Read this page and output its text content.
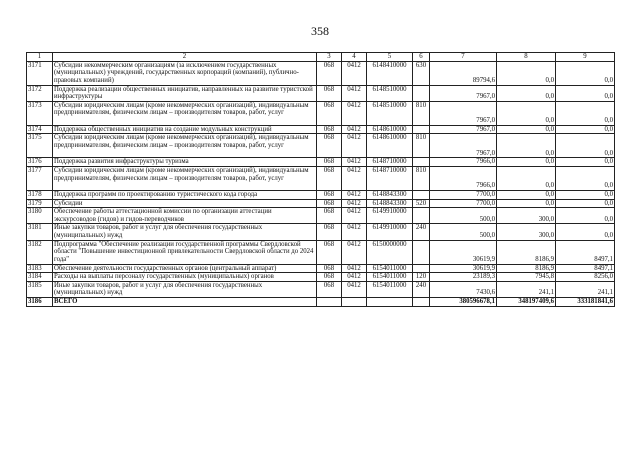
358
1	2	3	4	5	6	7	8	9
3171	Субсидии некоммерческим организациям (за исключением государственных (муниципальных) учреждений, государственных корпораций (компаний), публично-правовых компаний)	068	0412	6148410000	630	89794,6	0,0	0,0
3172	Поддержка реализации общественных инициатив, направленных на развитие туристской инфраструктуры	068	0412	6148510000		7967,0	0,0	0,0
3173	Субсидии юридическим лицам (кроме некоммерческих организаций), индивидуальным предпринимателям, физическим лицам – производителям товаров, работ, услуг	068	0412	6148510000	810	7967,0	0,0	0,0
3174	Поддержка общественных инициатив на создание модульных конструкций	068	0412	6148610000		7967,0	0,0	0,0
3175	Субсидии юридическим лицам (кроме некоммерческих организаций), индивидуальным предпринимателям, физическим лицам – производителям товаров, работ, услуг	068	0412	6148610000	810	7967,0	0,0	0,0
3176	Поддержка развития инфраструктуры туризма	068	0412	6148710000		7966,0	0,0	0,0
3177	Субсидии юридическим лицам (кроме некоммерческих организаций), индивидуальным предпринимателям, физическим лицам – производителям товаров, работ, услуг	068	0412	6148710000	810	7966,0	0,0	0,0
3178	Поддержка программ по проектированию туристического кода города	068	0412	6148843300		7700,0	0,0	0,0
3179	Субсидии	068	0412	6148843300	520	7700,0	0,0	0,0
3180	Обеспечение работы аттестационной комиссии по организации аттестации экскурсоводов (гидов) и гидов-переводчиков	068	0412	6149910000		500,0	300,0	0,0
3181	Иные закупки товаров, работ и услуг для обеспечения государственных (муниципальных) нужд	068	0412	6149910000	240	500,0	300,0	0,0
3182	Подпрограмма "Обеспечение реализации государственной программы Свердловской области "Повышение инвестиционной привлекательности Свердловской области до 2024 года"	068	0412	6150000000		30619,9	8186,9	8497,1
3183	Обеспечение деятельности государственных органов (центральный аппарат)	068	0412	6154011000		30619,9	8186,9	8497,1
3184	Расходы на выплаты персоналу государственных (муниципальных) органов	068	0412	6154011000	120	23189,3	7945,8	8256,0
3185	Иные закупки товаров, работ и услуг для обеспечения государственных (муниципальных) нужд	068	0412	6154011000	240	7430,6	241,1	241,1
3186	ВСЕГО					380596678,1	348197409,6	333181841,6
